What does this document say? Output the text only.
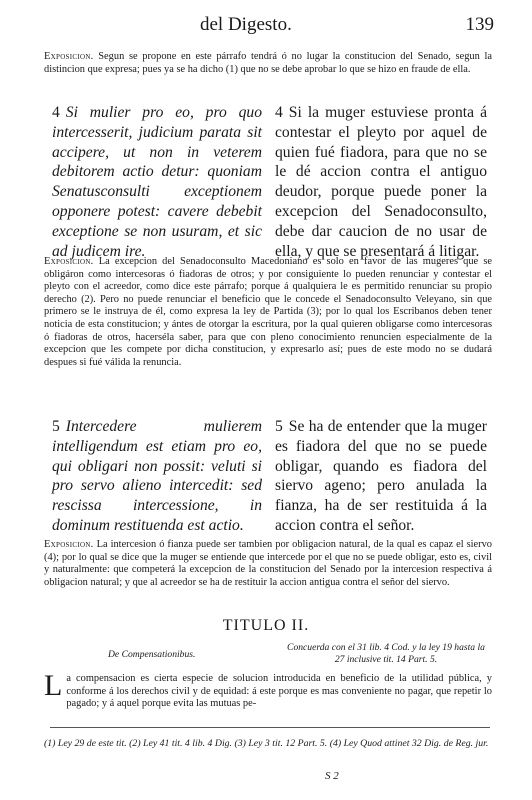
del Digesto.	139
Exposicion. Segun se propone en este párrafo tendrá ó no lugar la constitucion del Senado, segun la distincion que expresa; pues ya se ha dicho (1) que no se debe aprobar lo que se hizo en fraude de ella.
4 Si mulier pro eo, pro quo intercesserit, judicium parata sit accipere, ut non in veterem debitorem actio detur: quoniam Senatusconsulti exceptionem opponere potest: cavere debebit exceptione se non usuram, et sic ad judicem ire.
4 Si la muger estuviese pronta á contestar el pleyto por aquel de quien fué fiadora, para que no se le dé accion contra el antiguo deudor, porque puede poner la excepcion del Senadoconsulto, debe dar caucion de no usar de ella, y que se presentará á litigar.
Exposicion. La excepcion del Senadoconsulto Macedoniano es solo en favor de las mugeres que se obligáron como intercesoras ó fiadoras de otros; y por consiguiente lo pueden renunciar y contestar el pleyto con el acreedor, como dice este párrafo; porque á qualquiera le es permitido renunciar su propio derecho (2). Pero no puede renunciar el beneficio que le concede el Senadoconsulto Veleyano, sin que primero se le instruya de él, como expresa la ley de Partida (3); por lo qual los Escribanos deben tener noticia de esta constitucion; y ántes de otorgar la escritura, por la qual quieren obligarse como intercesoras ó fiadoras de otros, hacerséla saber, para que con pleno conocimiento renuncien especialmente de la excepcion que les compete por dicha constitucion, y expresarlo así; pues de este modo no se dudará despues si fué válida la renuncia.
5 Intercedere mulierem intelligendum est etiam pro eo, qui obligari non possit: veluti si pro servo alieno intercedit: sed rescissa intercessione, in dominum restituenda est actio.
5 Se ha de entender que la muger es fiadora del que no se puede obligar, quando es fiadora del siervo ageno; pero anulada la fianza, ha de ser restituida á la accion contra el señor.
Exposicion. La intercesion ó fianza puede ser tambien por obligacion natural, de la qual es capaz el siervo (4); por lo qual se dice que la muger se entiende que intercede por el que no se puede obligar, esto es, civil y naturalmente: que competerá la excepcion de la constitucion del Senado por la intercesion respectiva á obligacion natural; y que al acreedor se ha de restituir la accion antigua contra el señor del siervo.
TITULO II.
De Compensationibus.
Concuerda con el 31 lib. 4 Cod. y la ley 19 hasta la 27 inclusive tit. 14 Part. 5.
La compensacion es cierta especie de solucion introducida en beneficio de la utilidad pública, y conforme á los derechos civil y de equidad: á este porque es mas conveniente no pagar, que repetir lo pagado; y á aquel porque evita las mutuas pe-
(1) Ley 29 de este tit. (2) Ley 41 tit. 4 lib. 4 Dig. (3) Ley 3 tit. 12 Part. 5. (4) Ley Quod attinet 32 Dig. de Reg. jur.
S 2
